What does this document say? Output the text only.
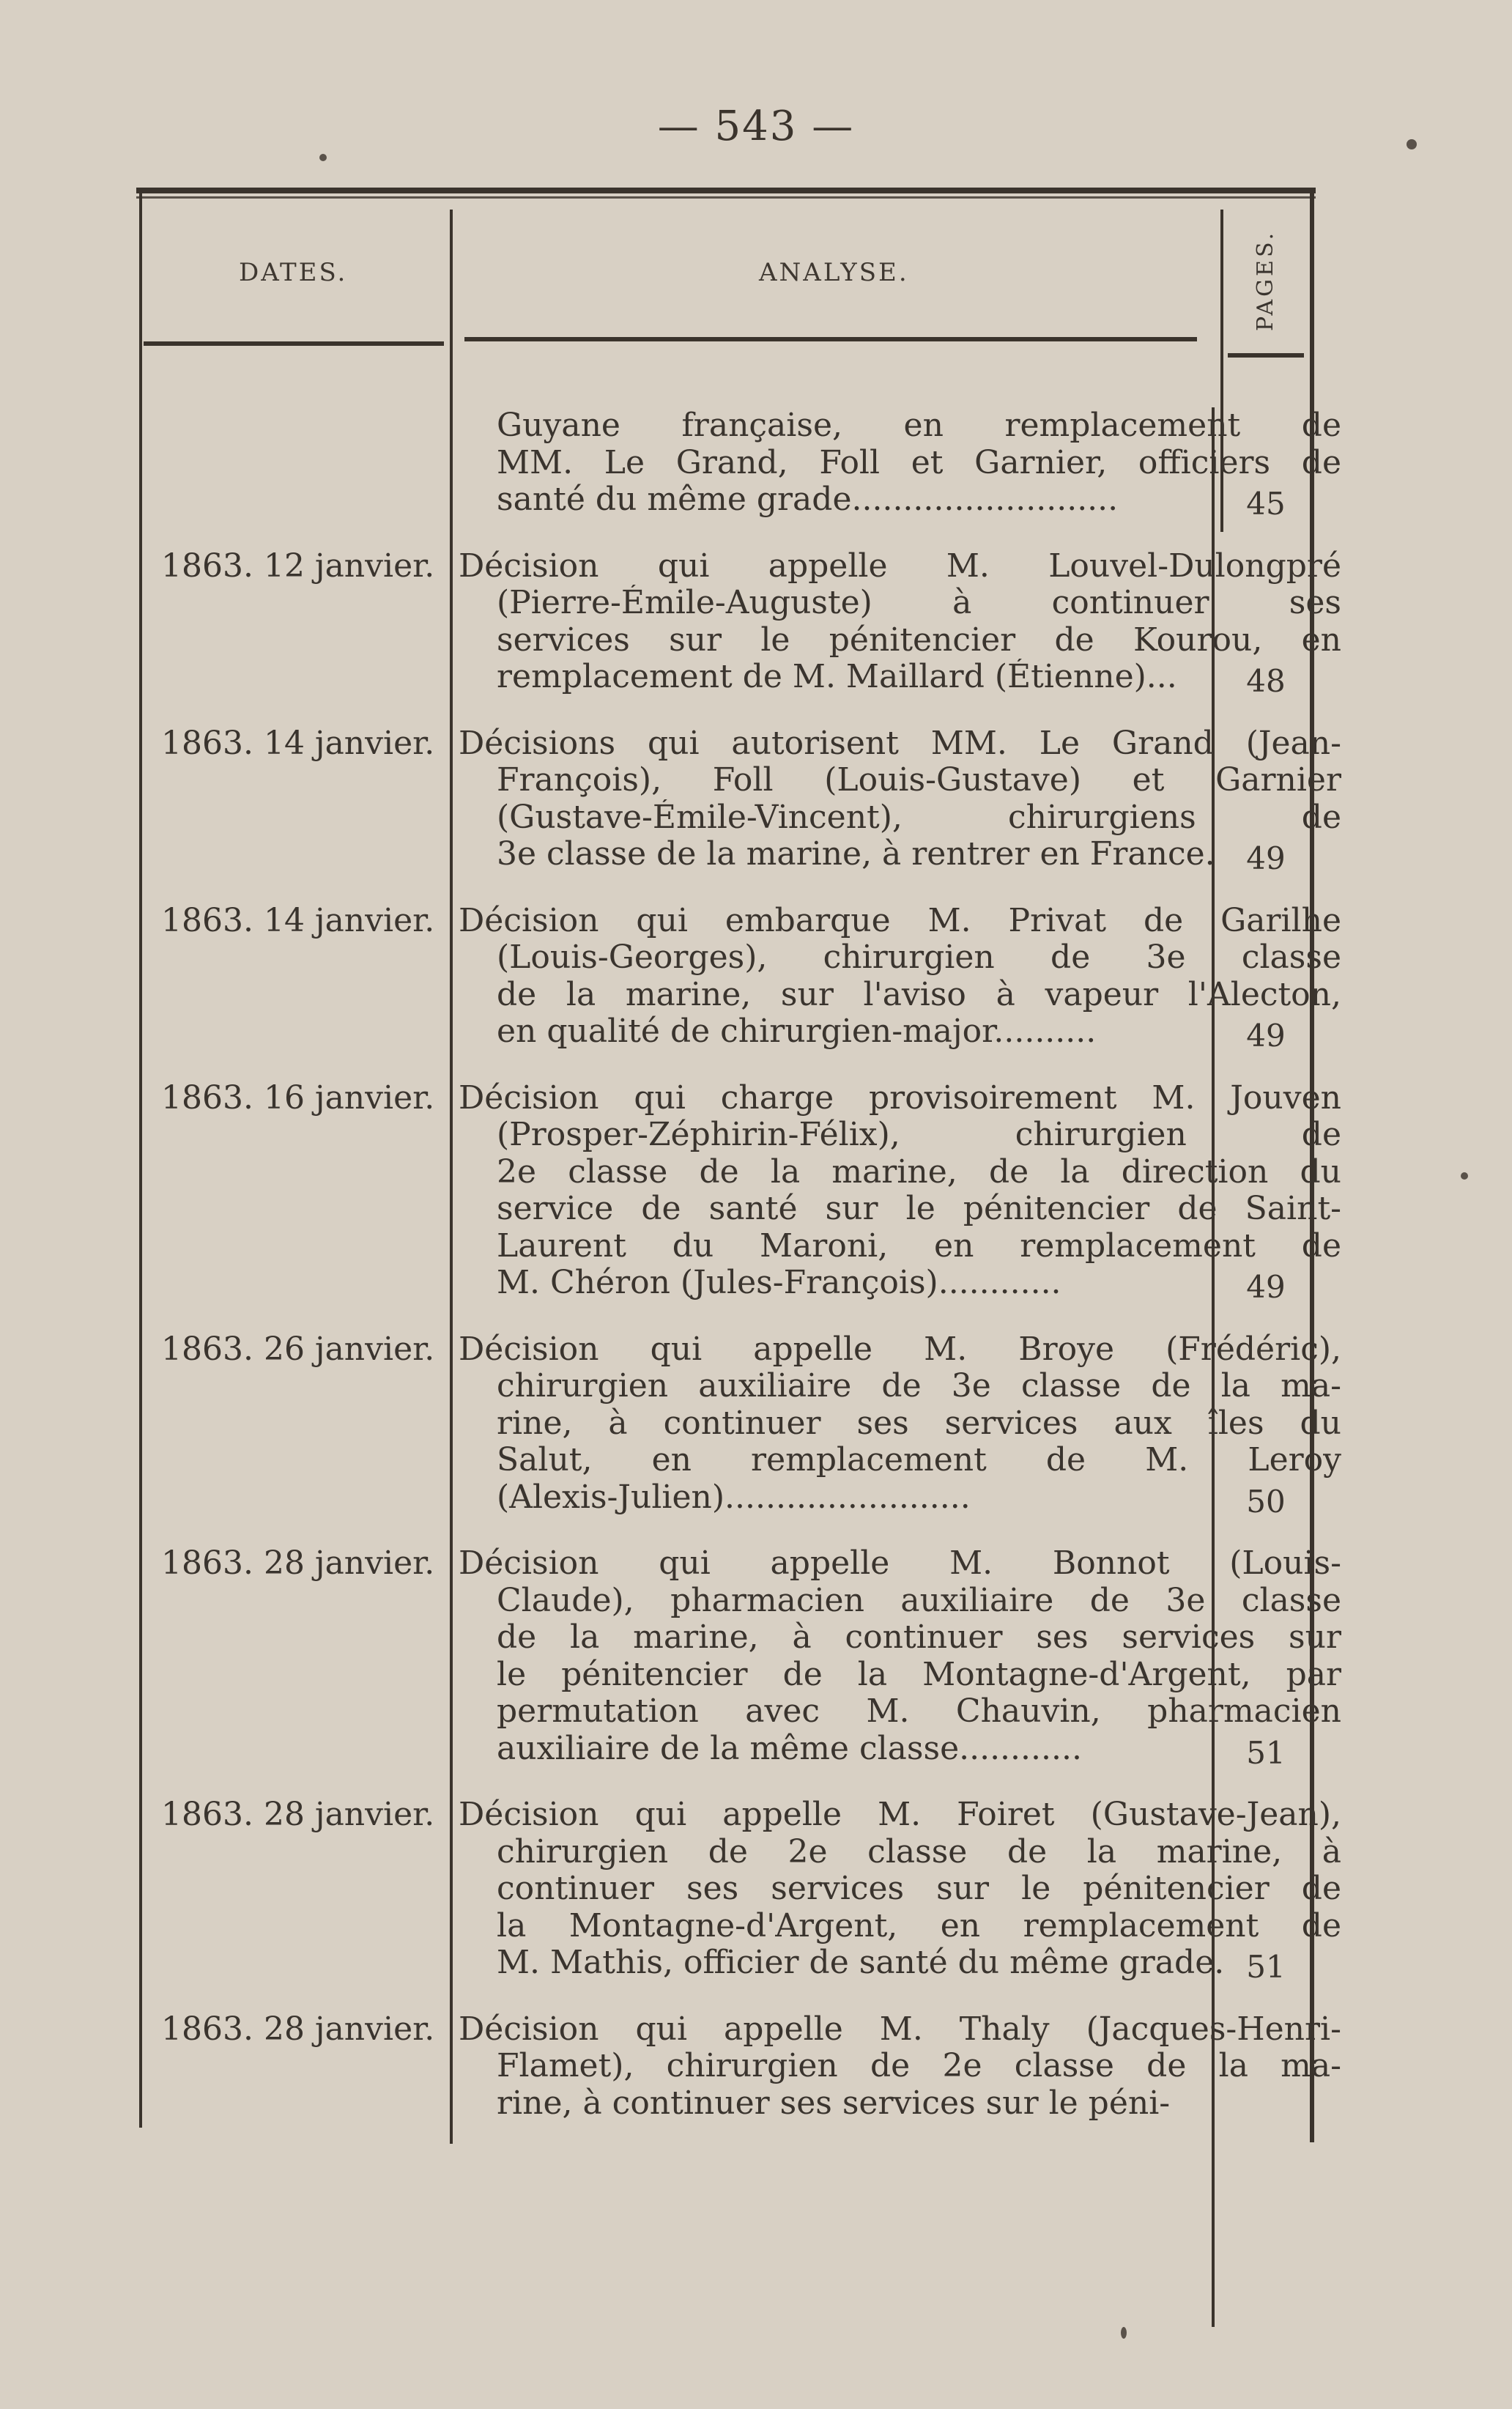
— 543 —
DATES.	ANALYSE.	PAGES.
Guyane française, en remplacement de
MM. Le Grand, Foll et Garnier, officiers de
santé du même grade..........................	45
1863. 12 janvier. Décision qui appelle M. Louvel-Dulongpré
(Pierre-Émile-Auguste) à continuer ses
services sur le pénitencier de Kourou, en
remplacement de M. Maillard (Étienne)...	48
1863. 14 janvier. Décisions qui autorisent MM. Le Grand (Jean-
François), Foll (Louis-Gustave) et Garnier
(Gustave-Émile-Vincent), chirurgiens de
3e classe de la marine, à rentrer en France.	49
1863. 14 janvier. Décision qui embarque M. Privat de Garilhe
(Louis-Georges), chirurgien de 3e classe
de la marine, sur l'aviso à vapeur l'Alecton,
en qualité de chirurgien-major..........	49
1863. 16 janvier. Décision qui charge provisoirement M. Jouven
(Prosper-Zéphirin-Félix), chirurgien de
2e classe de la marine, de la direction du
service de santé sur le pénitencier de Saint-
Laurent du Maroni, en remplacement de
M. Chéron (Jules-François)............	49
1863. 26 janvier. Décision qui appelle M. Broye (Frédéric),
chirurgien auxiliaire de 3e classe de la ma-
rine, à continuer ses services aux îles du
Salut, en remplacement de M. Leroy
(Alexis-Julien)........................	50
1863. 28 janvier. Décision qui appelle M. Bonnot (Louis-
Claude), pharmacien auxiliaire de 3e classe
de la marine, à continuer ses services sur
le pénitencier de la Montagne-d'Argent, par
permutation avec M. Chauvin, pharmacien
auxiliaire de la même classe............	51
1863. 28 janvier. Décision qui appelle M. Foiret (Gustave-Jean),
chirurgien de 2e classe de la marine, à
continuer ses services sur le pénitencier de
la Montagne-d'Argent, en remplacement de
M. Mathis, officier de santé du même grade. 51
1863. 28 janvier. Décision qui appelle M. Thaly (Jacques-Henri-
Flamet), chirurgien de 2e classe de la ma-
rine, à continuer ses services sur le péni-
